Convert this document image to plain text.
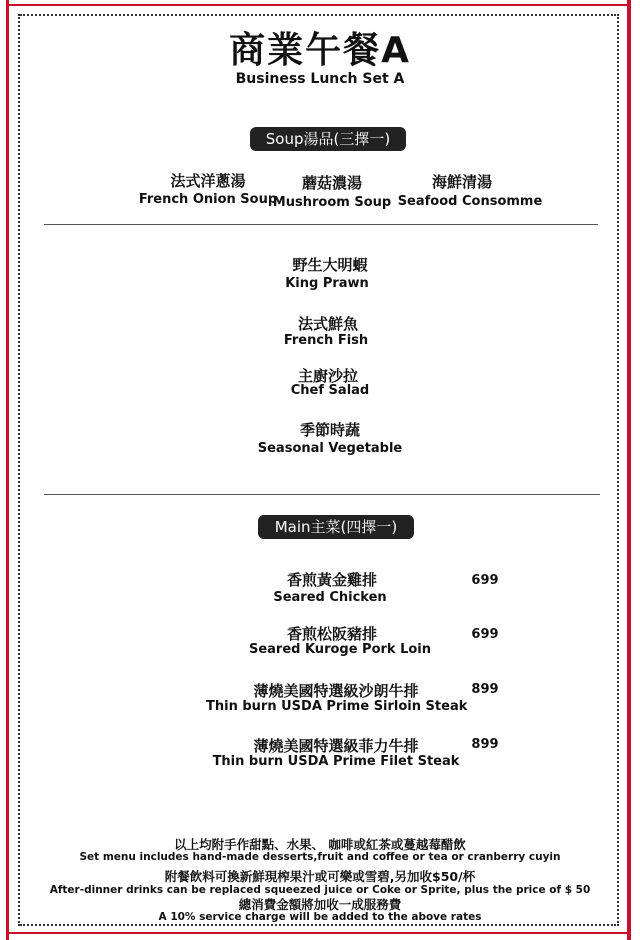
商業午餐A
Business Lunch Set A
Soup湯品(三擇一)
法式洋蔥湯
French Onion Soup
蘑菇濃湯
Mushroom Soup
海鮮清湯
Seafood Consomme
野生大明蝦
King Prawn
法式鮮魚
French Fish
主廚沙拉
Chef Salad
季節時蔬
Seasonal Vegetable
Main主菜(四擇一)
香煎黃金雞排
Seared Chicken
699
香煎松阪豬排
Seared Kuroge Pork Loin
699
薄燒美國特選級沙朗牛排
Thin burn USDA Prime Sirloin Steak
899
薄燒美國特選級菲力牛排
Thin burn USDA Prime Filet Steak
899
以上均附手作甜點、水果、 咖啡或紅茶或蔓越莓醋飲
Set menu includes hand-made desserts,fruit and coffee or tea or cranberry cuyin
附餐飲料可換新鮮現榨果汁或可樂或雪碧,另加收$50/杯
After-dinner drinks can be replaced squeezed juice or Coke or Sprite, plus the price of $ 50
總消費金額將加收一成服務費
A 10% service charge will be added to the above rates
